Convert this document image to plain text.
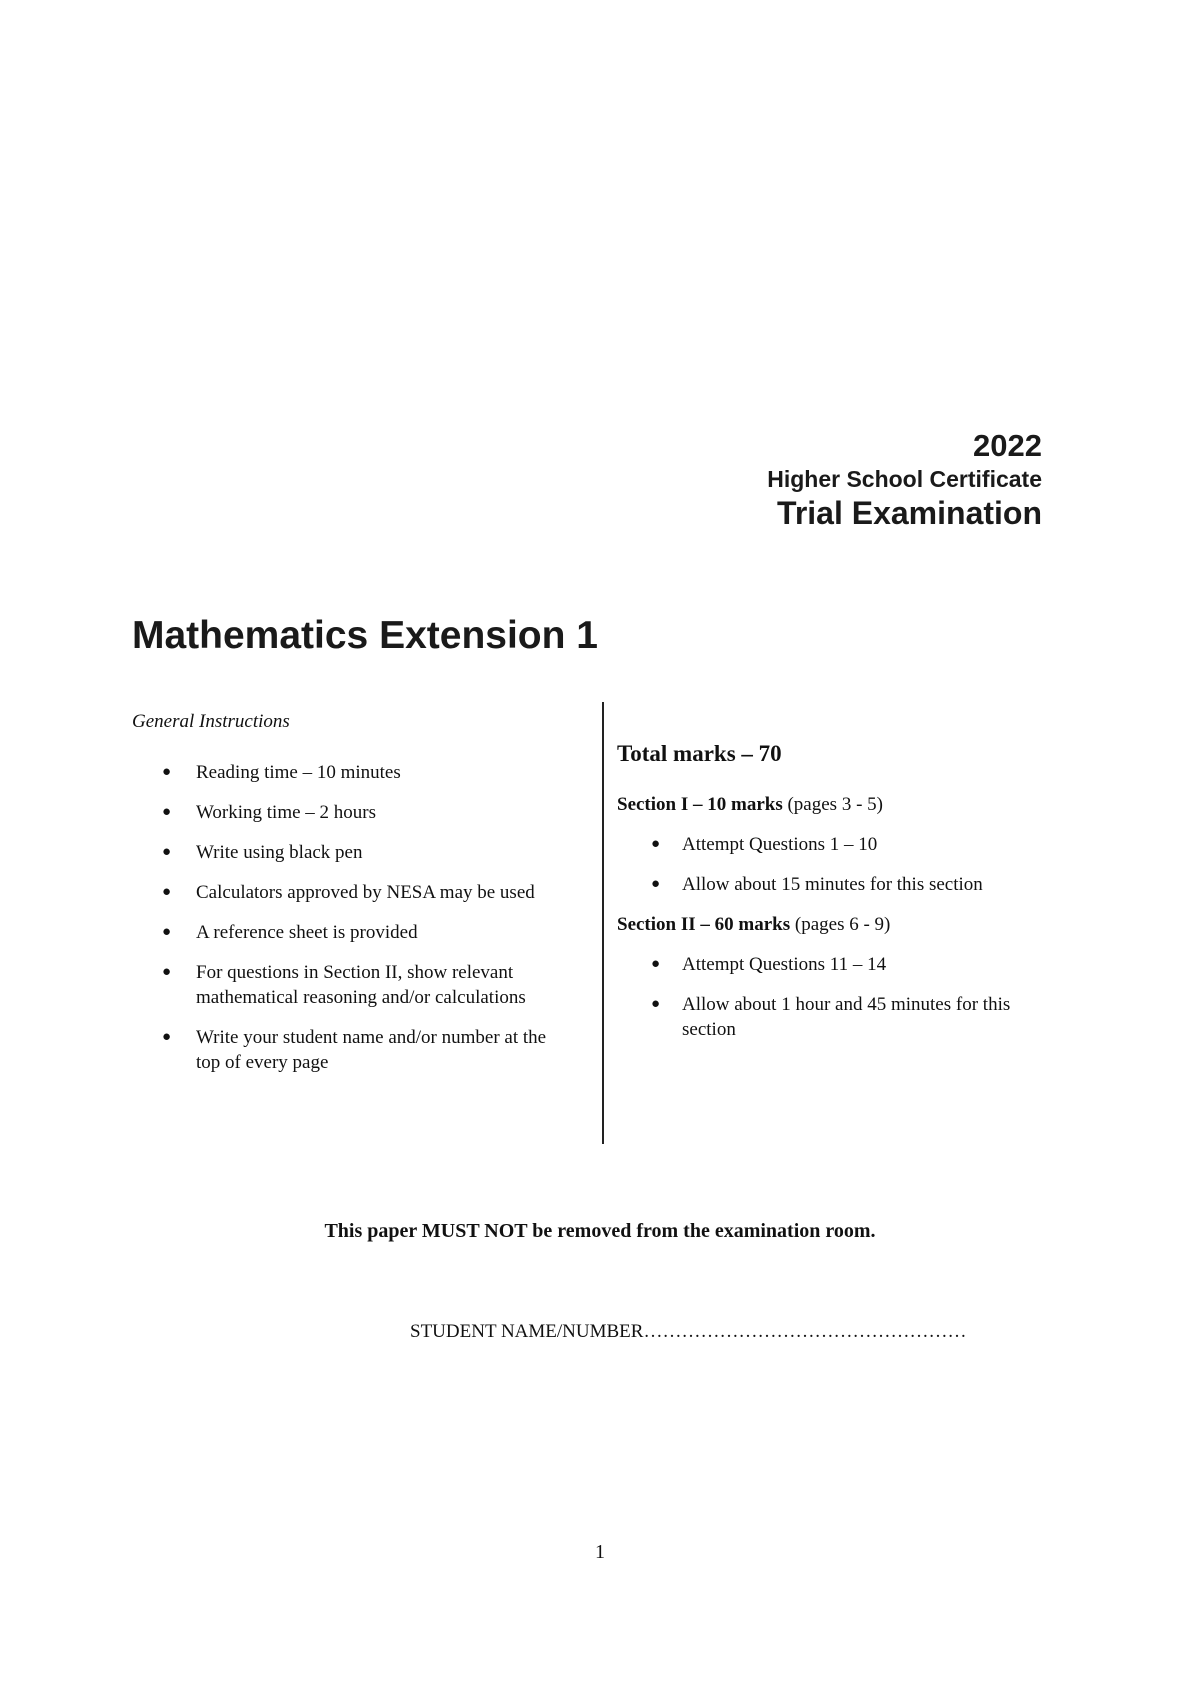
2022
Higher School Certificate
Trial Examination
Mathematics Extension 1

General Instructions

● Reading time – 10 minutes
● Working time – 2 hours
● Write using black pen
● Calculators approved by NESA may be used
● A reference sheet is provided
● For questions in Section II, show relevant mathematical reasoning and/or calculations
● Write your student name and/or number at the top of every page

Total marks – 70

Section I – 10 marks (pages 3 - 5)

● Attempt Questions 1 – 10
● Allow about 15 minutes for this section

Section II – 60 marks (pages 6 - 9)

● Attempt Questions 11 – 14
● Allow about 1 hour and 45 minutes for this section
This paper MUST NOT be removed from the examination room.
STUDENT NAME/NUMBER……………………………………………
1
